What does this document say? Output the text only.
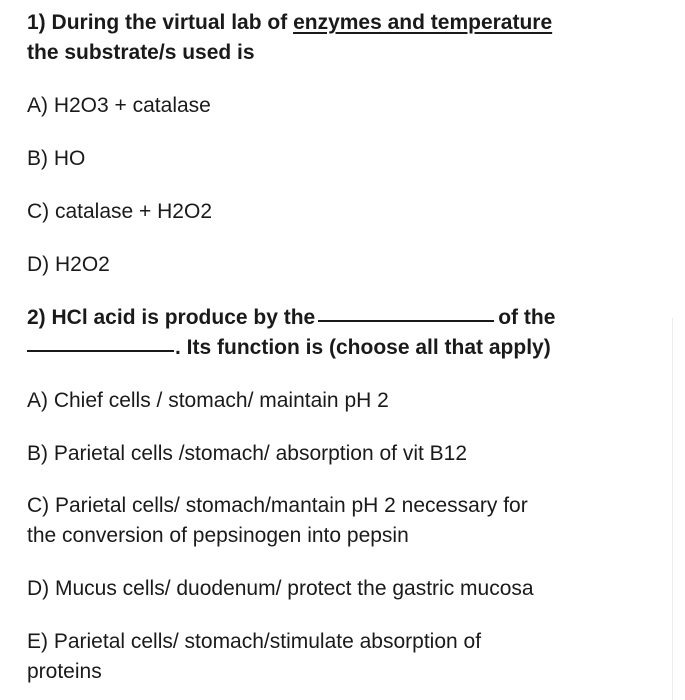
1) During the virtual lab of enzymes and temperature
the substrate/s used is
A) H2O3 + catalase
B) HO
C) catalase + H2O2
D) H2O2
2) HCl acid is produce by the	of the
. Its function is (choose all that apply)
A) Chief cells / stomach/ maintain pH 2
B) Parietal cells /stomach/ absorption of vit B12
C) Parietal cells/ stomach/mantain pH 2 necessary for
the conversion of pepsinogen into pepsin
D) Mucus cells/ duodenum/ protect the gastric mucosa
E) Parietal cells/ stomach/stimulate absorption of
proteins
